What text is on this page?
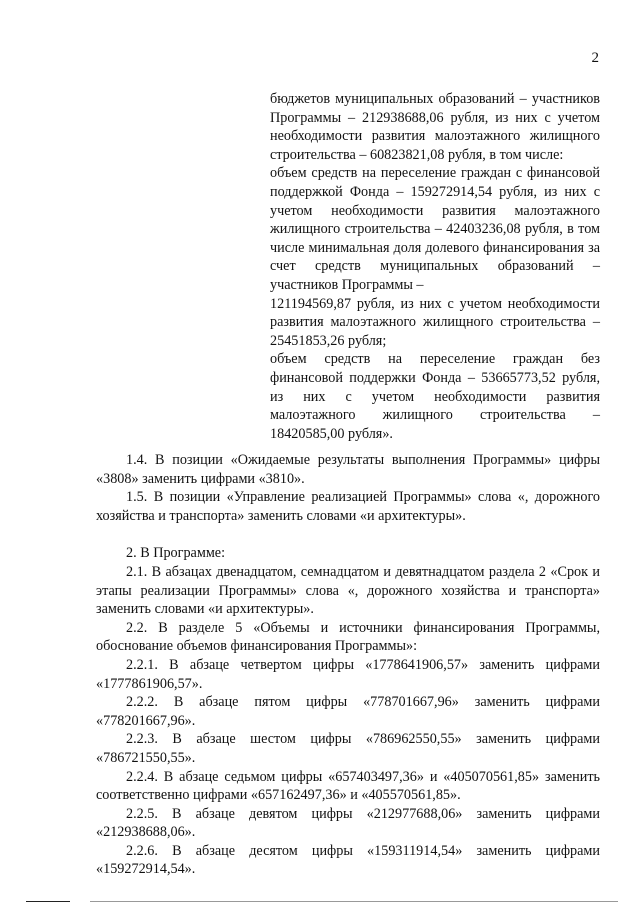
2

бюджетов муниципальных образований – участников Программы – 212938688,06 рубля, из них с учетом необходимости развития малоэтажного жилищного строительства – 60823821,08 рубля, в том числе:

объем средств на переселение граждан с финансовой поддержкой Фонда – 159272914,54 рубля, из них с учетом необходимости развития малоэтажного жилищного строительства – 42403236,08 рубля, в том числе минимальная доля долевого финансирования за счет средств муниципальных образований – участников Программы –

121194569,87 рубля, из них с учетом необходимости развития малоэтажного жилищного строительства – 25451853,26 рубля;

объем средств на переселение граждан без финансовой поддержки Фонда – 53665773,52 рубля, из них с учетом необходимости развития малоэтажного жилищного строительства – 18420585,00 рубля».

1.4. В позиции «Ожидаемые результаты выполнения Программы» цифры «3808» заменить цифрами «3810».

1.5. В позиции «Управление реализацией Программы» слова «, дорожного хозяйства и транспорта» заменить словами «и архитектуры».

2. В Программе:

2.1. В абзацах двенадцатом, семнадцатом и девятнадцатом раздела 2 «Срок и этапы реализации Программы» слова «, дорожного хозяйства и транспорта» заменить словами «и архитектуры».

2.2. В разделе 5 «Объемы и источники финансирования Программы, обоснование объемов финансирования Программы»:

2.2.1. В абзаце четвертом цифры «1778641906,57» заменить цифрами «1777861906,57».

2.2.2. В абзаце пятом цифры «778701667,96» заменить цифрами «778201667,96».

2.2.3. В абзаце шестом цифры «786962550,55» заменить цифрами «786721550,55».

2.2.4. В абзаце седьмом цифры «657403497,36» и «405070561,85» заменить соответственно цифрами «657162497,36» и «405570561,85».

2.2.5. В абзаце девятом цифры «212977688,06» заменить цифрами «212938688,06».

2.2.6. В абзаце десятом цифры «159311914,54» заменить цифрами «159272914,54».
